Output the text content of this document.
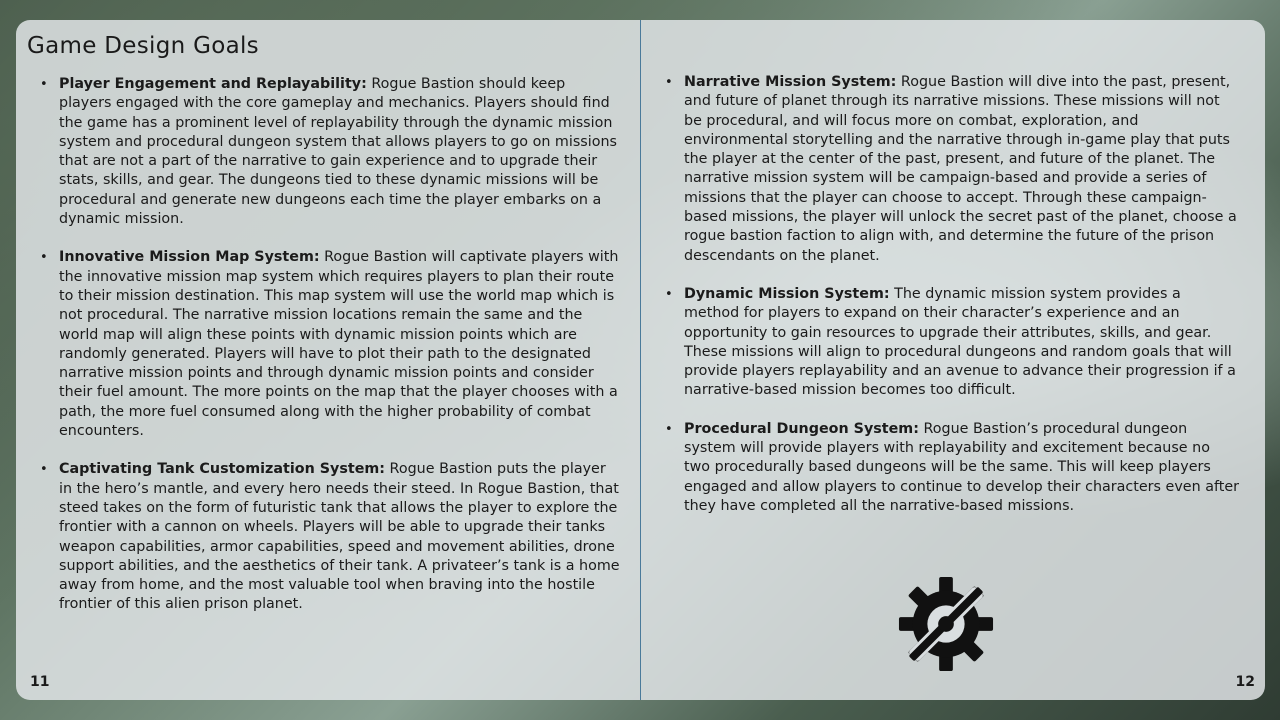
Game Design Goals
• Player Engagement and Replayability: Rogue Bastion should keep players engaged with the core gameplay and mechanics. Players should find the game has a prominent level of replayability through the dynamic mission system and procedural dungeon system that allows players to go on missions that are not a part of the narrative to gain experience and to upgrade their stats, skills, and gear. The dungeons tied to these dynamic missions will be procedural and generate new dungeons each time the player embarks on a dynamic mission.
• Innovative Mission Map System: Rogue Bastion will captivate players with the innovative mission map system which requires players to plan their route to their mission destination. This map system will use the world map which is not procedural. The narrative mission locations remain the same and the world map will align these points with dynamic mission points which are randomly generated. Players will have to plot their path to the designated narrative mission points and through dynamic mission points and consider their fuel amount. The more points on the map that the player chooses with a path, the more fuel consumed along with the higher probability of combat encounters.
• Captivating Tank Customization System: Rogue Bastion puts the player in the hero’s mantle, and every hero needs their steed. In Rogue Bastion, that steed takes on the form of futuristic tank that allows the player to explore the frontier with a cannon on wheels. Players will be able to upgrade their tanks weapon capabilities, armor capabilities, speed and movement abilities, drone support abilities, and the aesthetics of their tank. A privateer’s tank is a home away from home, and the most valuable tool when braving into the hostile frontier of this alien prison planet.
11
• Narrative Mission System: Rogue Bastion will dive into the past, present, and future of planet through its narrative missions. These missions will not be procedural, and will focus more on combat, exploration, and environmental storytelling and the narrative through in-game play that puts the player at the center of the past, present, and future of the planet. The narrative mission system will be campaign-based and provide a series of missions that the player can choose to accept. Through these campaign-based missions, the player will unlock the secret past of the planet, choose a rogue bastion faction to align with, and determine the future of the prison descendants on the planet.
• Dynamic Mission System: The dynamic mission system provides a method for players to expand on their character’s experience and an opportunity to gain resources to upgrade their attributes, skills, and gear. These missions will align to procedural dungeons and random goals that will provide players replayability and an avenue to advance their progression if a narrative-based mission becomes too difficult.
• Procedural Dungeon System: Rogue Bastion’s procedural dungeon system will provide players with replayability and excitement because no two procedurally based dungeons will be the same. This will keep players engaged and allow players to continue to develop their characters even after they have completed all the narrative-based missions.
12
